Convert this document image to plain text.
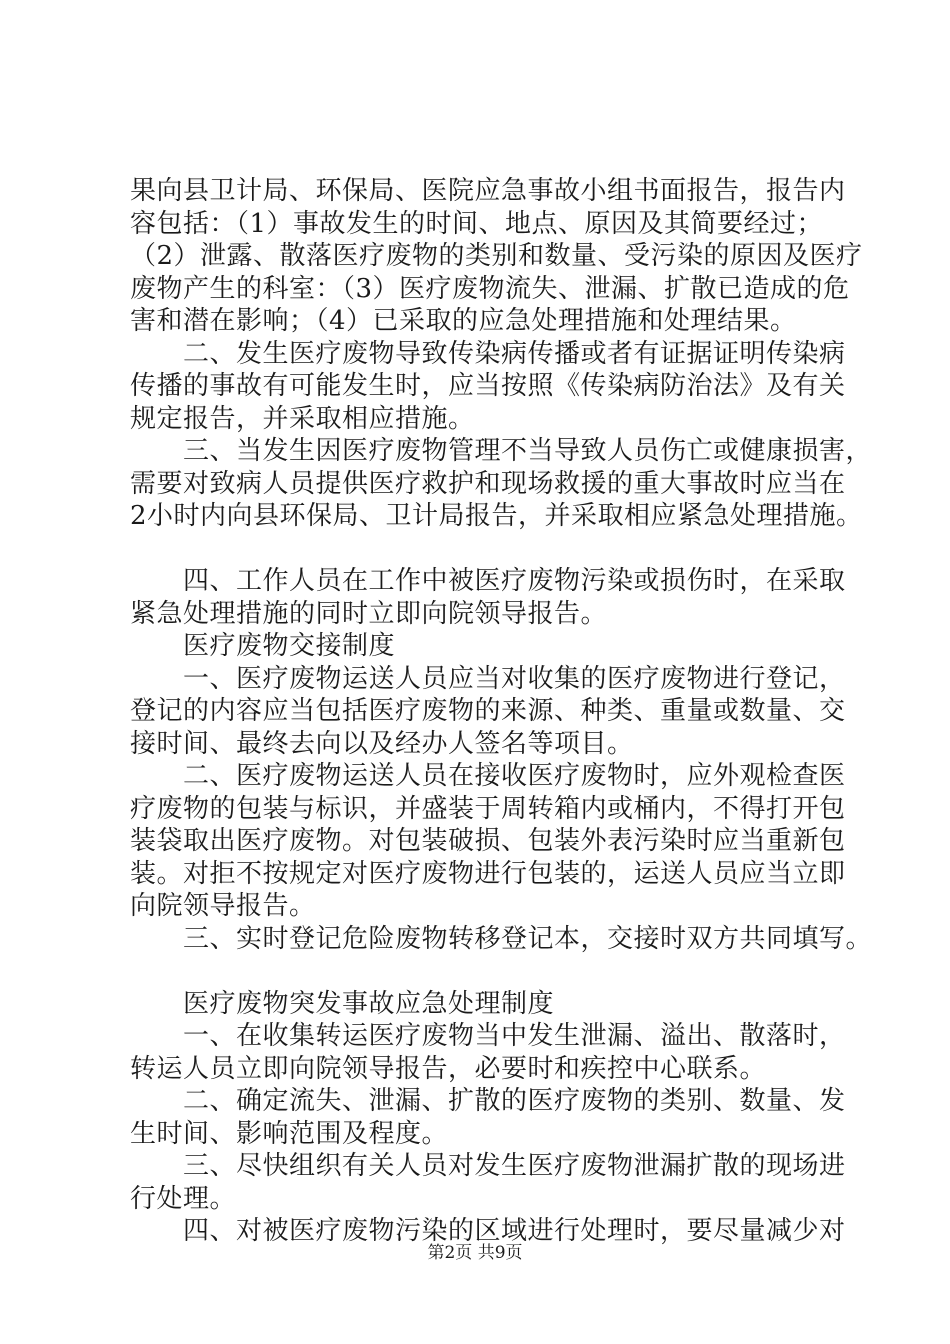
果向县卫计局、环保局、医院应急事故小组书面报告，报告内
容包括：（1）事故发生的时间、地点、原因及其简要经过；
（2）泄露、散落医疗废物的类别和数量、受污染的原因及医疗
废物产生的科室：（3）医疗废物流失、泄漏、扩散已造成的危
害和潜在影响；（4）已采取的应急处理措施和处理结果。
　　二、发生医疗废物导致传染病传播或者有证据证明传染病
传播的事故有可能发生时，应当按照《传染病防治法》及有关
规定报告，并采取相应措施。
　　三、当发生因医疗废物管理不当导致人员伤亡或健康损害，
需要对致病人员提供医疗救护和现场救援的重大事故时应当在
2小时内向县环保局、卫计局报告，并采取相应紧急处理措施。
　　四、工作人员在工作中被医疗废物污染或损伤时，在采取
紧急处理措施的同时立即向院领导报告。
　　医疗废物交接制度
　　一、医疗废物运送人员应当对收集的医疗废物进行登记，
登记的内容应当包括医疗废物的来源、种类、重量或数量、交
接时间、最终去向以及经办人签名等项目。
　　二、医疗废物运送人员在接收医疗废物时，应外观检查医
疗废物的包装与标识，并盛装于周转箱内或桶内，不得打开包
装袋取出医疗废物。对包装破损、包装外表污染时应当重新包
装。对拒不按规定对医疗废物进行包装的，运送人员应当立即
向院领导报告。
　　三、实时登记危险废物转移登记本，交接时双方共同填写。
　　医疗废物突发事故应急处理制度
　　一、在收集转运医疗废物当中发生泄漏、溢出、散落时，
转运人员立即向院领导报告，必要时和疾控中心联系。
　　二、确定流失、泄漏、扩散的医疗废物的类别、数量、发
生时间、影响范围及程度。
　　三、尽快组织有关人员对发生医疗废物泄漏扩散的现场进
行处理。
　　四、对被医疗废物污染的区域进行处理时，要尽量减少对
第2页 共9页
